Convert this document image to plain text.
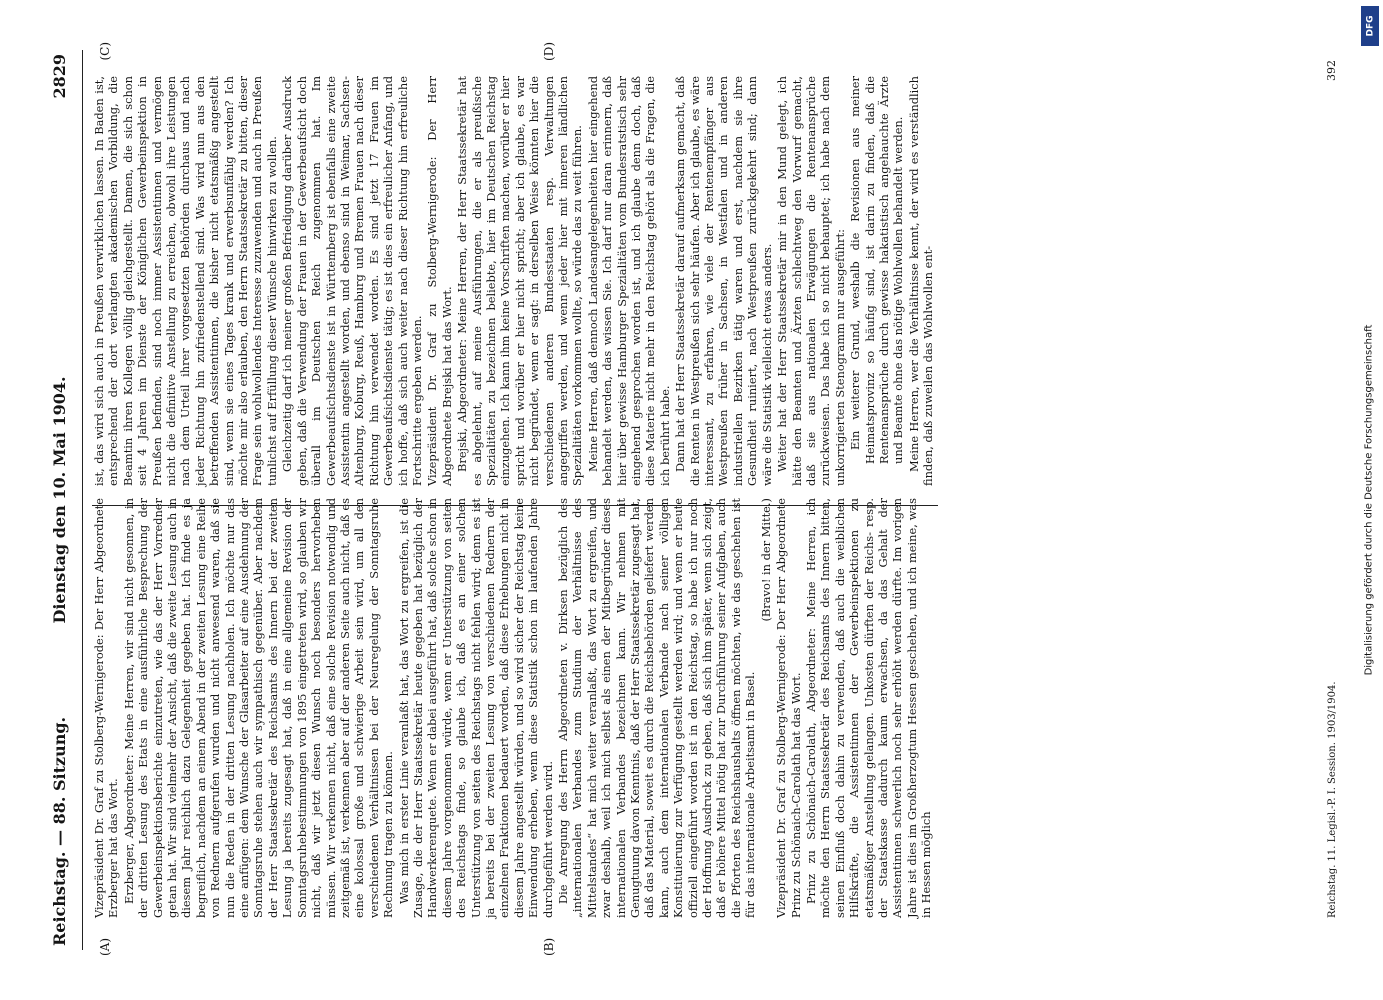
Reichstag. — 88. Sitzung.
Dienstag den 10. Mai 1904.
2829
(A)	(B)
(C)	(D)

Vizepräsident Dr. Graf zu Stolberg-Wernigerode: Der Herr Abgeordnete Erzberger hat das Wort. Erzberger, Abgeordneter: Meine Herren, wir sind nicht gesonnen, in der dritten Lesung des Etats in eine ausführliche Besprechung der Gewerbeinspektionsberichte einzutreten, wie das der Herr Vorredner getan hat. Wir sind vielmehr der Ansicht, daß die zweite Lesung auch in diesem Jahr reichlich dazu Gelegenheit gegeben hat. Ich finde es ja begreiflich, nachdem an einem Abend in der zweiten Lesung eine Reihe von Rednern aufgerufen wurden und nicht anwesend waren, daß sie nun die Reden in der dritten Lesung nachholen. Ich möchte nur das eine anfügen: dem Wunsche der Glasarbeiter auf eine Ausdehnung der Sonntagsruhe stehen auch wir sympathisch gegenüber. Aber nachdem der Herr Staatssekretär des Reichsamts des Innern bei der zweiten Lesung ja bereits zugesagt hat, daß in eine allgemeine Revision der Sonntagsruhebestimmungen von 1895 eingetreten wird, so glauben wir nicht, daß wir jetzt diesen Wunsch noch besonders hervorheben müssen. Wir verkennen nicht, daß eine solche Revision notwendig und zeitgemäß ist, verkennen aber auf der anderen Seite auch nicht, daß es eine kolossal große und schwierige Arbeit sein wird, um all den verschiedenen Verhältnissen bei der Neuregelung der Sonntagsruhe Rechnung tragen zu können. Was mich in erster Linie veranlaßt hat, das Wort zu ergreifen, ist die Zusage, die der Herr Staatssekretär heute gegeben hat bezüglich der Handwerkerenquete. Wenn er dabei ausgeführt hat, daß solche schon in diesem Jahre vorgenommen würde, wenn er Unterstützung von seiten des Reichstags finde, so glaube ich, daß es an einer solchen Unterstützung von seiten des Reichstags nicht fehlen wird; denn es ist ja bereits bei der zweiten Lesung von verschiedenen Rednern der einzelnen Fraktionen bedauert worden, daß diese Erhebungen nicht in diesem Jahre angestellt würden, und so wird sicher der Reichstag keine Einwendung erheben, wenn diese Statistik schon im laufenden Jahre durchgeführt werden wird. Die Anregung des Herrn Abgeordneten v. Dirksen bezüglich des „internationalen Verbandes zum Studium der Verhältnisse des Mittelstandes“ hat mich weiter veranlaßt, das Wort zu ergreifen, und zwar deshalb, weil ich mich selbst als einen der Mitbegründer dieses internationalen Verbandes bezeichnen kann. Wir nehmen mit Genugtuung davon Kenntnis, daß der Herr Staatssekretär zugesagt hat, daß das Material, soweit es durch die Reichsbehörden geliefert werden kann, auch dem internationalen Verbande nach seiner völligen Konstituierung zur Verfügung gestellt werden wird; und wenn er heute offiziell eingeführt worden ist in den Reichstag, so habe ich nur noch der Hoffnung Ausdruck zu geben, daß sich ihm später, wenn sich zeigt, daß er höhere Mittel nötig hat zur Durchführung seiner Aufgaben, auch die Pforten des Reichshaushalts öffnen möchten, wie das geschehen ist für das internationale Arbeitsamt in Basel.

(Bravo! in der Mitte.) Vizepräsident Dr. Graf zu Stolberg-Wernigerode: Der Herr Abgeordnete Prinz zu Schönaich-Carolath hat das Wort. Prinz zu Schönaich-Carolath, Abgeordneter: Meine Herren, ich möchte den Herrn Staatssekretär des Reichsamts des Innern bitten, seinen Einfluß doch dahin zu verwenden, daß auch die weiblichen Hilfskräfte, die Assistentinnen der Gewerbeinspektionen zu etatsmäßiger Anstellung gelangen. Unkosten dürften der Reichs- resp. der Staatskasse dadurch kaum erwachsen, da das Gehalt der Assistentinnen schwerlich noch sehr erhöht werden dürfte. Im vorigen Jahre ist dies im Großherzogtum Hessen geschehen, und ich meine, was in Hessen möglich

ist, das wird sich auch in Preußen verwirklichen lassen. In Baden ist, entsprechend der dort verlangten akademischen Vorbildung, die Beamtin ihren Kollegen völlig gleichgestellt. Damen, die sich schon seit 4 Jahren im Dienste der Königlichen Gewerbeinspektion in Preußen befinden, sind noch immer Assistentinnen und vermögen nicht die definitive Anstellung zu erreichen, obwohl ihre Leistungen nach dem Urteil ihrer vorgesetzten Behörden durchaus und nach jeder Richtung hin zufriedenstellend sind. Was wird nun aus den betreffenden Assistentinnen, die bisher nicht etatsmäßig angestellt sind, wenn sie eines Tages krank und erwerbsunfähig werden? Ich möchte mir also erlauben, den Herrn Staatssekretär zu bitten, dieser Frage sein wohlwollendes Interesse zuzuwenden und auch in Preußen tunlichst auf Erfüllung dieser Wünsche hinwirken zu wollen. Gleichzeitig darf ich meiner großen Befriedigung darüber Ausdruck geben, daß die Verwendung der Frauen in der Gewerbeaufsicht doch überall im Deutschen Reich zugenommen hat. Im Gewerbeaufsichtsdienste ist in Württemberg ist ebenfalls eine zweite Assistentin angestellt worden, und ebenso sind in Weimar, Sachsen-Altenburg, Koburg, Reuß, Hamburg und Bremen Frauen nach dieser Richtung hin verwendet worden. Es sind jetzt 17 Frauen im Gewerbeaufsichtsdienste tätig; es ist dies ein erfreulicher Anfang, und ich hoffe, daß sich auch weiter nach dieser Richtung hin erfreuliche Fortschritte ergeben werden. Vizepräsident Dr. Graf zu Stolberg-Wernigerode: Der Herr Abgeordnete Brejski hat das Wort. Brejski, Abgeordneter: Meine Herren, der Herr Staatssekretär hat es abgelehnt, auf meine Ausführungen, die er als preußische Spezialitäten zu bezeichnen beliebte, hier im Deutschen Reichstag einzugehen. Ich kann ihm keine Vorschriften machen, worüber er hier spricht und worüber er hier nicht spricht; aber ich glaube, es war nicht begründet, wenn er sagt: in derselben Weise könnten hier die verschiedenen anderen Bundesstaaten resp. Verwaltungen angegriffen werden, und wenn jeder hier mit inneren ländlichen Spezialitäten vorkommen wollte, so würde das zu weit führen. Meine Herren, daß dennoch Landesangelegenheiten hier eingehend behandelt werden, das wissen Sie. Ich darf nur daran erinnern, daß hier über gewisse Hamburger Spezialitäten vom Bundesratstisch sehr eingehend gesprochen worden ist, und ich glaube denn doch, daß diese Materie nicht mehr in den Reichstag gehört als die Fragen, die ich berührt habe. Dann hat der Herr Staatssekretär darauf aufmerksam gemacht, daß die Renten in Westpreußen sich sehr häufen. Aber ich glaube, es wäre interessant, zu erfahren, wie viele der Rentenempfänger aus Westpreußen früher in Sachsen, in Westfalen und in anderen industriellen Bezirken tätig waren und erst, nachdem sie ihre Gesundheit ruiniert, nach Westpreußen zurückgekehrt sind; dann wäre die Statistik vielleicht etwas anders. Weiter hat der Herr Staatssekretär mir in den Mund gelegt, ich hätte den Beamten und Ärzten schlechtweg den Vorwurf gemacht, daß sie aus nationalen Erwägungen die Rentenansprüche zurückweisen. Das habe ich so nicht behauptet; ich habe nach dem unkorrigierten Stenogramm nur ausgeführt: Ein weiterer Grund, weshalb die Revisionen aus meiner Heimatsprovinz so häufig sind, ist darin zu finden, daß die Rentenansprüche durch gewisse hakatistisch angehauchte Ärzte und Beamte ohne das nötige Wohlwollen behandelt werden. Meine Herren, wer die Verhältnisse kennt, der wird es verständlich finden, daß zuweilen das Wohlwollen ent-

Reichstag. 11. Legisl.-P. I. Session. 1903/1904.
392
DFG
Digitalisierung gefördert durch die Deutsche Forschungsgemeinschaft
